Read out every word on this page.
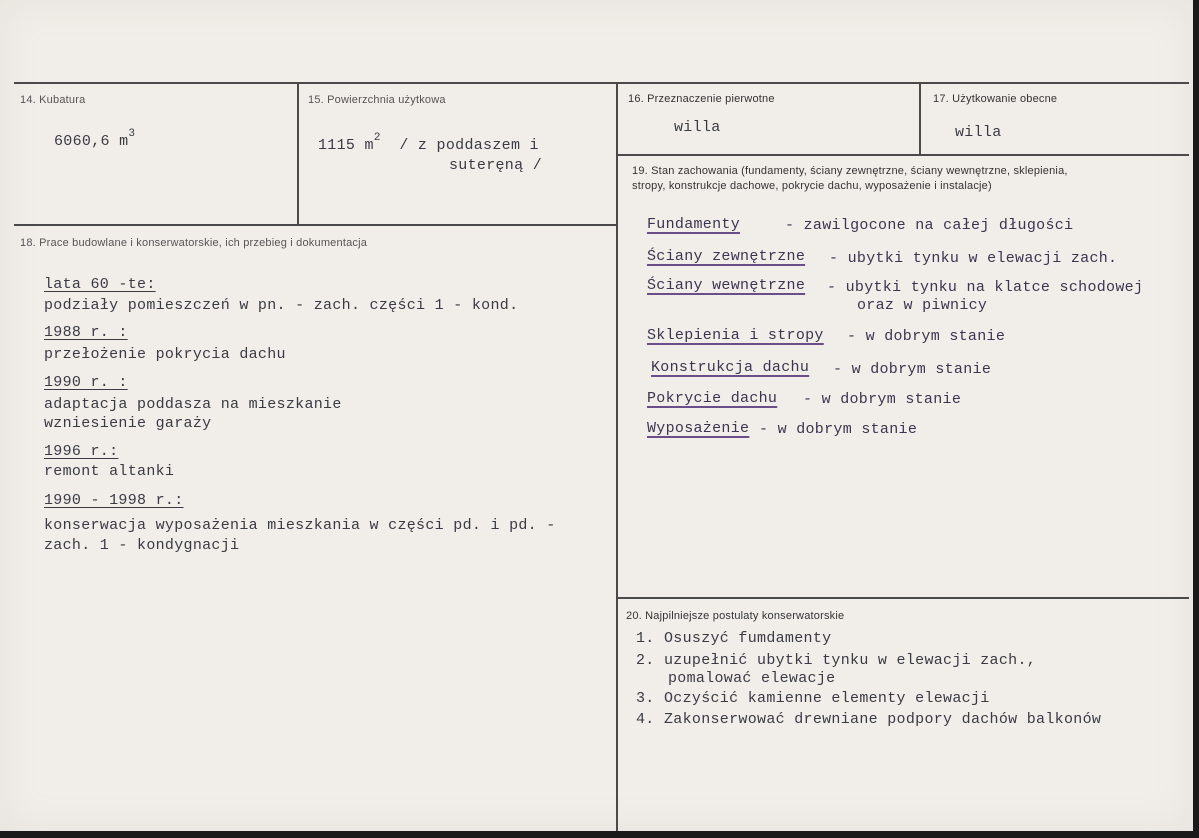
14. Kubatura
6060,6 $m^3$
15. Powierzchnia użytkowa
1115 $m^2$ / z poddaszem i
suteręną /
16. Przeznaczenie pierwotne
willa
17. Użytkowanie obecne
willa
18. Prace budowlane i konserwatorskie, ich przebieg i dokumentacja
lata 60 -te:
podziały pomieszczeń w pn. - zach. części 1 - kond.
1988 r. :
przełożenie pokrycia dachu
1990 r. :
adaptacja poddasza na mieszkanie
wzniesienie garaży
1996 r.:
remont altanki
1990 - 1998 r.:
konserwacja wyposażenia mieszkania w części pd. i pd. -
zach. 1 - kondygnacji
19. Stan zachowania (fundamenty, ściany zewnętrzne, ściany wewnętrzne, sklepienia,
stropy, konstrukcje dachowe, pokrycie dachu, wyposażenie i instalacje)
Fundamenty	- zawilgocone na całej długości
Ściany zewnętrzne - ubytki tynku w elewacji zach.
Ściany wewnętrzne - ubytki tynku na klatce schodowej
oraz w piwnicy
Sklepienia i stropy - w dobrym stanie
Konstrukcja dachu - w dobrym stanie
Pokrycie dachu - w dobrym stanie
Wyposażenie - w dobrym stanie
20. Najpilniejsze postulaty konserwatorskie
1. Osuszyć fumdamenty
2. uzupełnić ubytki tynku w elewacji zach.,
pomalować elewacje
3. Oczyścić kamienne elementy elewacji
4. Zakonserwować drewniane podpory dachów balkonów
